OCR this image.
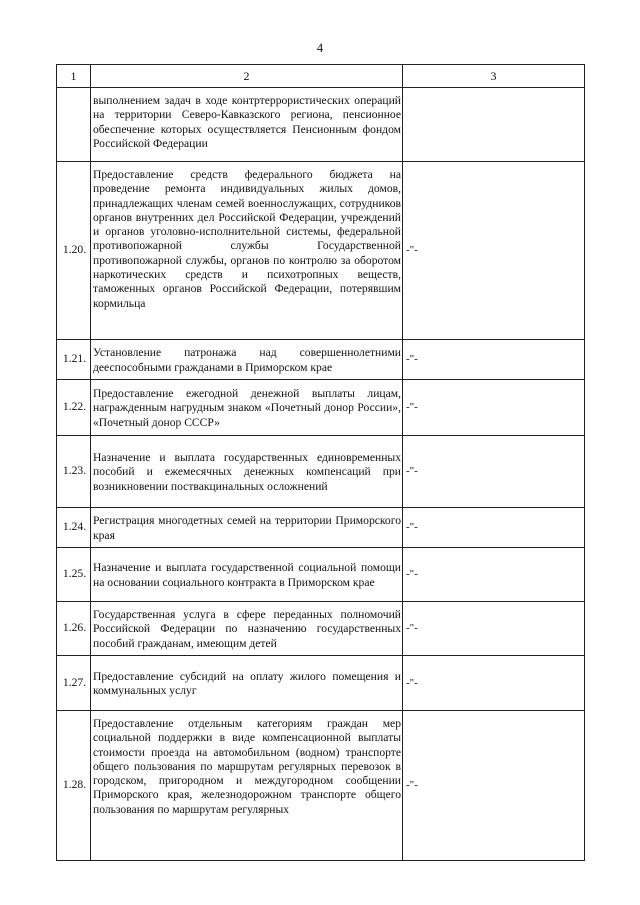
4
1	2	3
	выполнением задач в ходе контртеррористических операций на территории Северо-Кавказского региона, пенсионное обеспечение которых осуществляется Пенсионным фондом Российской Федерации	
1.20.	Предоставление средств федерального бюджета на проведение ремонта индивидуальных жилых домов, принадлежащих членам семей военнослужащих, сотрудников органов внутренних дел Российской Федерации, учреждений и органов уголовно-исполнительной системы, федеральной противопожарной службы Государственной противопожарной службы, органов по контролю за оборотом наркотических средств и психотропных веществ, таможенных органов Российской Федерации, потерявшим кормильца	-"-
1.21.	Установление патронажа над совершеннолетними дееспособными гражданами в Приморском крае	-"-
1.22.	Предоставление ежегодной денежной выплаты лицам, награжденным нагрудным знаком «Почетный донор России», «Почетный донор СССР»	-"-
1.23.	Назначение и выплата государственных единовременных пособий и ежемесячных денежных компенсаций при возникновении поствакцинальных осложнений	-"-
1.24.	Регистрация многодетных семей на территории Приморского края	-"-
1.25.	Назначение и выплата государственной социальной помощи на основании социального контракта в Приморском крае	-"-
1.26.	Государственная услуга в сфере переданных полномочий Российской Федерации по назначению государственных пособий гражданам, имеющим детей	-"-
1.27.	Предоставление субсидий на оплату жилого помещения и коммунальных услуг	-"-
1.28.	Предоставление отдельным категориям граждан мер социальной поддержки в виде компенсационной выплаты стоимости проезда на автомобильном (водном) транспорте общего пользования по маршрутам регулярных перевозок в городском, пригородном и междугородном сообщении Приморского края, железнодорожном транспорте общего пользования по маршрутам регулярных	-"-
